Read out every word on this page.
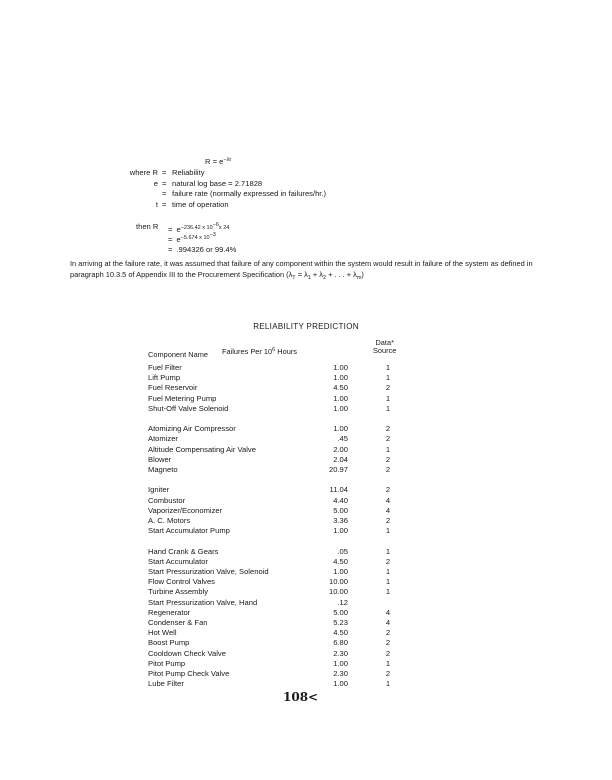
$R = e^{-\lambda t}$
where R = Reliability
e = natural log base = 2.71828
= failure rate (normally expressed in failures/hr.)
t = time of operation
then $R = e^{-236.42 x 10^{-6}x 24}$
= $e^{-5.674 x 10^{-3}}$
= .994326 or 99.4%
In arriving at the failure rate, it was assumed that failure of any component within the system would result in failure of the system as defined in paragraph 10.3.5 of Appendix III to the Procurement Specification ($\lambda_T = \lambda_1 + \lambda_2$ + . . . + $\lambda_m$)
RELIABILITY PREDICTION
Component Name Failures Per $10^6$ Hours
Data*
Source
Fuel Filter	1.00	1
Lift Pump	1.00	1
Fuel Reservoir	4.50	2
Fuel Metering Pump	1.00	1
Shut-Off Valve Solenoid	1.00	1
Atomizing Air Compressor	1.00	2
Atomizer	.45	2
Altitude Compensating Air Valve	2.00	1
Blower	2.04	2
Magneto	20.97	2
Igniter	11.04	2
Combustor	4.40	4
Vaporizer/Economizer	5.00	4
A. C. Motors	3.36	2
Start Accumulator Pump	1.00	1
Hand Crank & Gears	.05	1
Start Accumulator	4.50	2
Start Pressurization Valve, Solenoid	1.00	1
Flow Control Valves	10.00	1
Turbine Assembly	10.00	1
Start Pressurization Valve, Hand	.12
Regenerator	5.00	4
Condenser & Fan	5.23	4
Hot Well	4.50	2
Boost Pump	6.80	2
Cooldown Check Valve	2.30	2
Pitot Pump	1.00	1
Pitot Pump Check Valve	2.30	2
Lube Filter	1.00	1
108<
